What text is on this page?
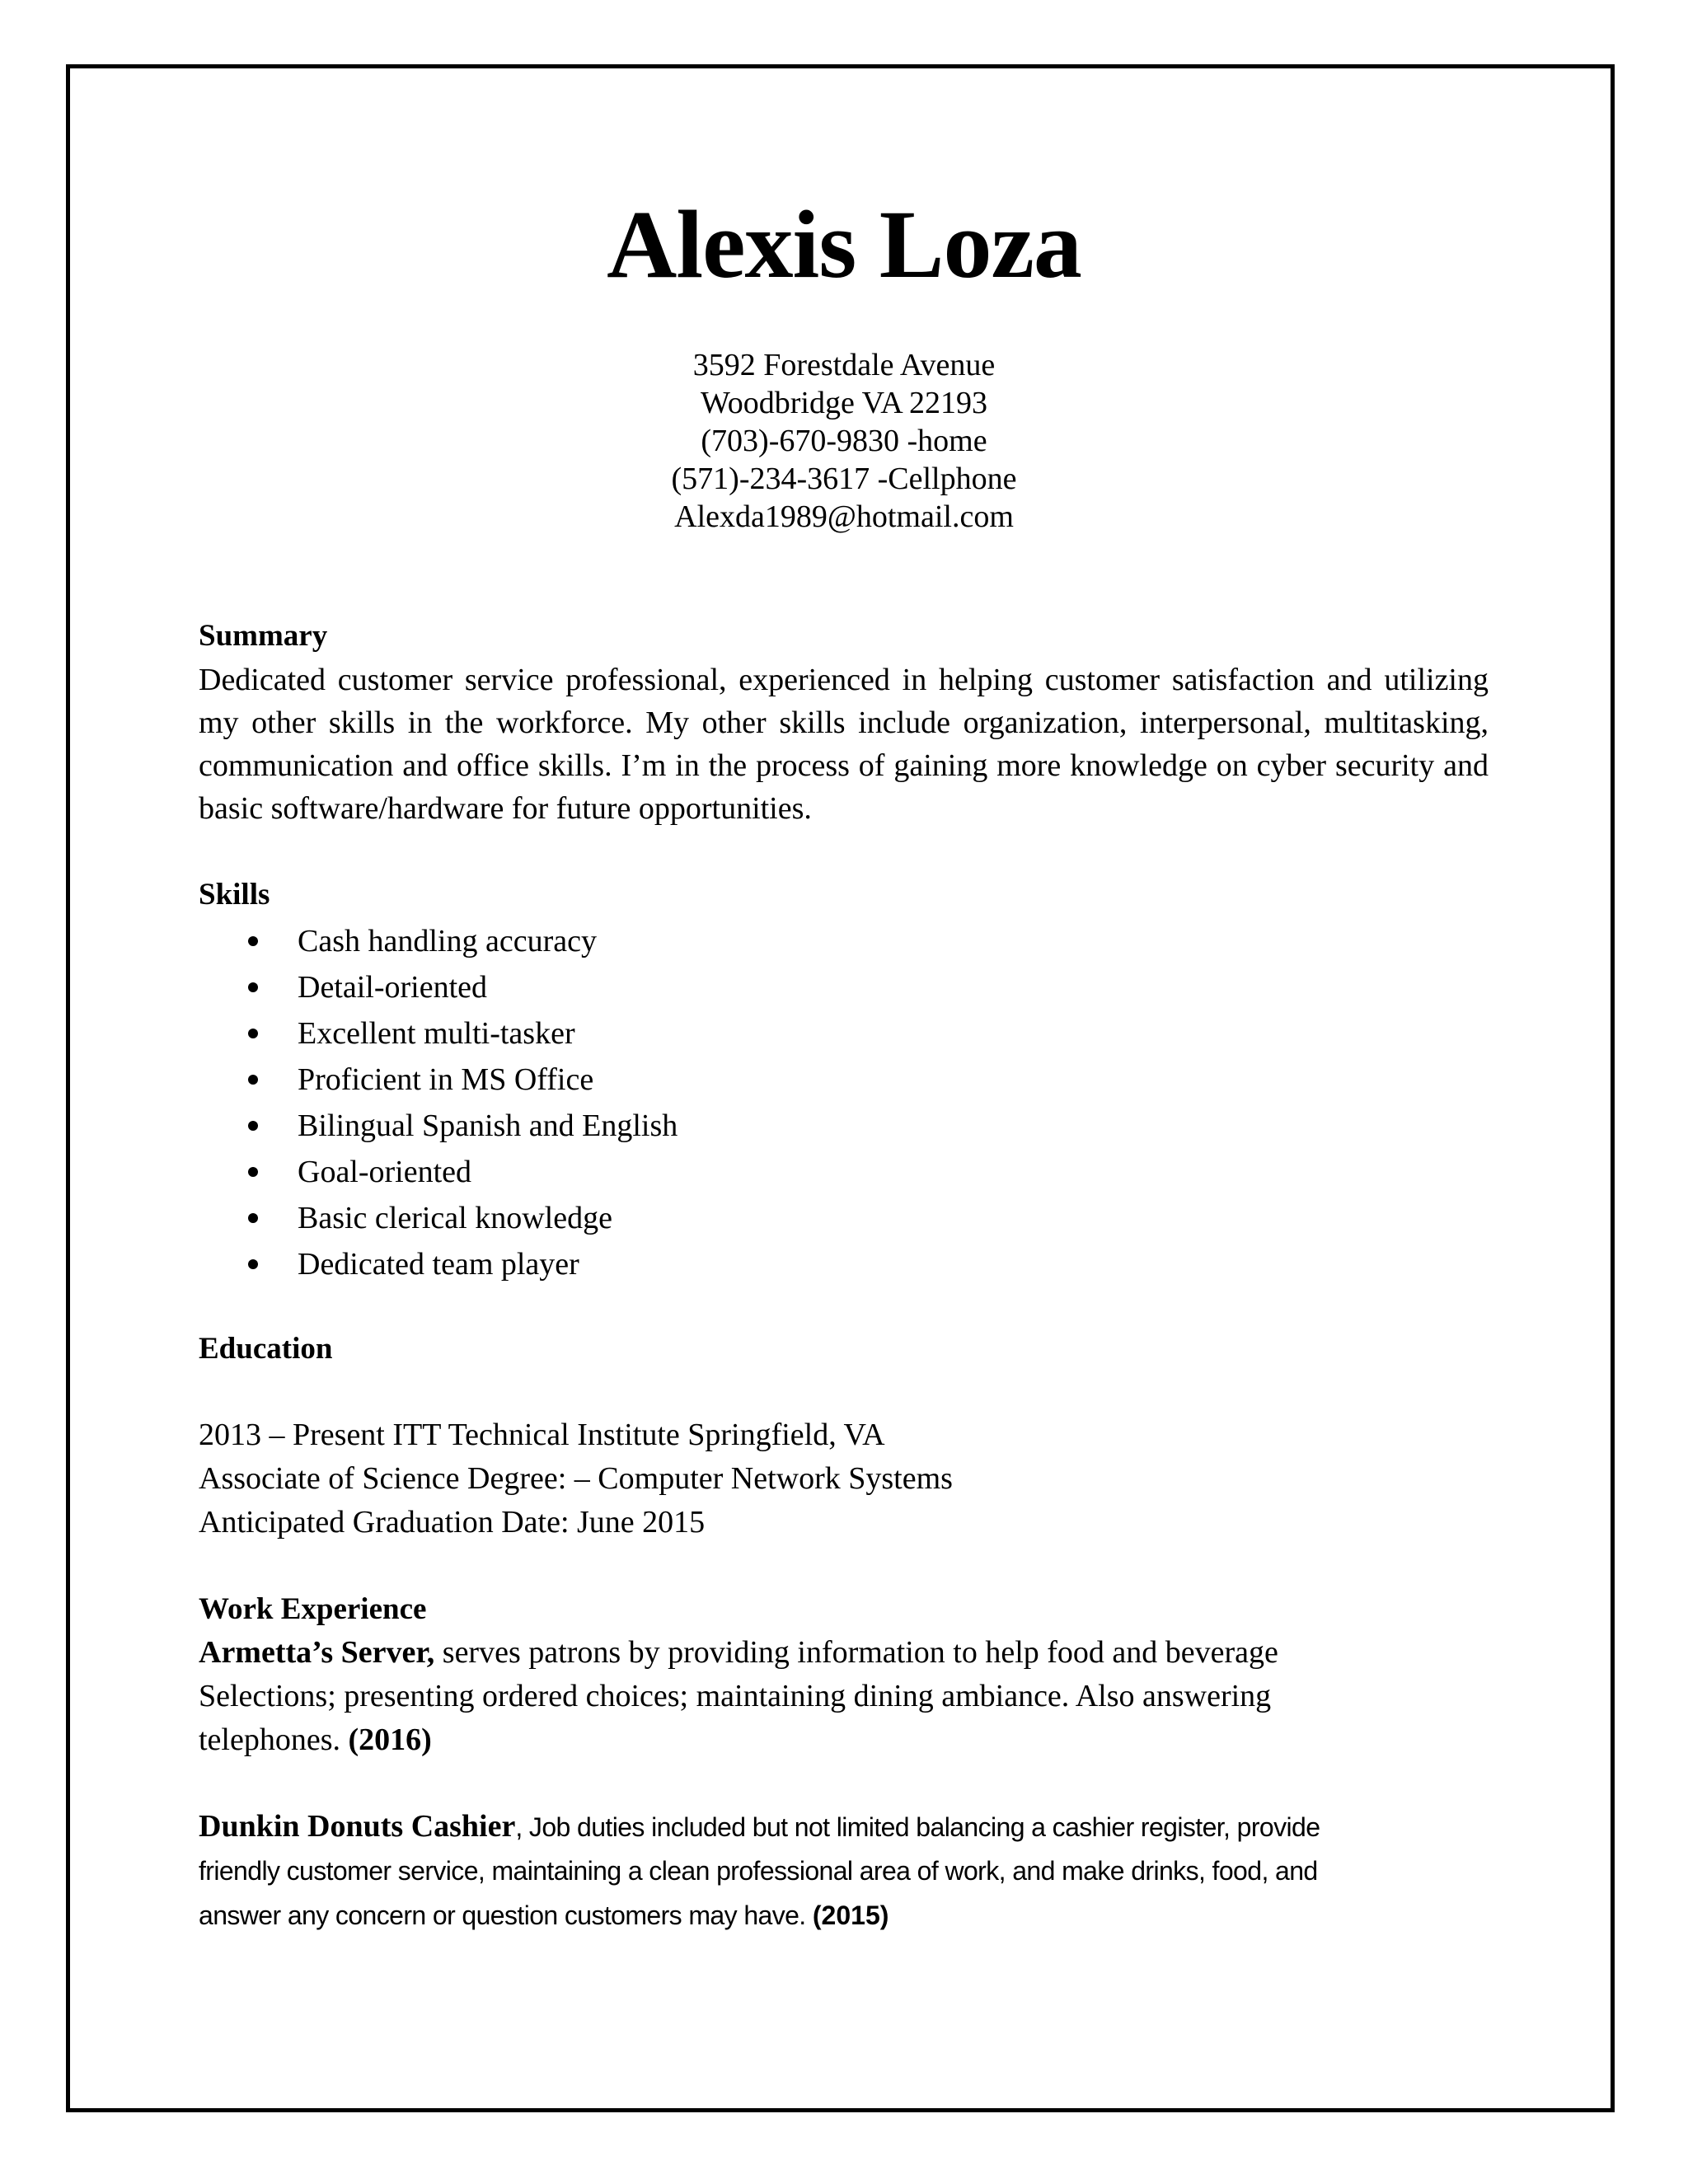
Alexis Loza
3592 Forestdale Avenue
Woodbridge VA 22193
(703)-670-9830 -home
(571)-234-3617 -Cellphone
Alexda1989@hotmail.com
Summary
Dedicated customer service professional, experienced in helping customer satisfaction and utilizing my other skills in the workforce. My other skills include organization, interpersonal, multitasking, communication and office skills. I’m in the process of gaining more knowledge on cyber security and basic software/hardware for future opportunities.
Skills
Cash handling accuracy
Detail-oriented
Excellent multi-tasker
Proficient in MS Office
Bilingual Spanish and English
Goal-oriented
Basic clerical knowledge
Dedicated team player
Education
2013 – Present ITT Technical Institute Springfield, VA
Associate of Science Degree: – Computer Network Systems
Anticipated Graduation Date: June 2015
Work Experience
Armetta’s Server, serves patrons by providing information to help food and beverage
Selections; presenting ordered choices; maintaining dining ambiance. Also answering
telephones. (2016)
Dunkin Donuts Cashier, Job duties included but not limited balancing a cashier register, provide
friendly customer service, maintaining a clean professional area of work, and make drinks, food, and
answer any concern or question customers may have. (2015)
